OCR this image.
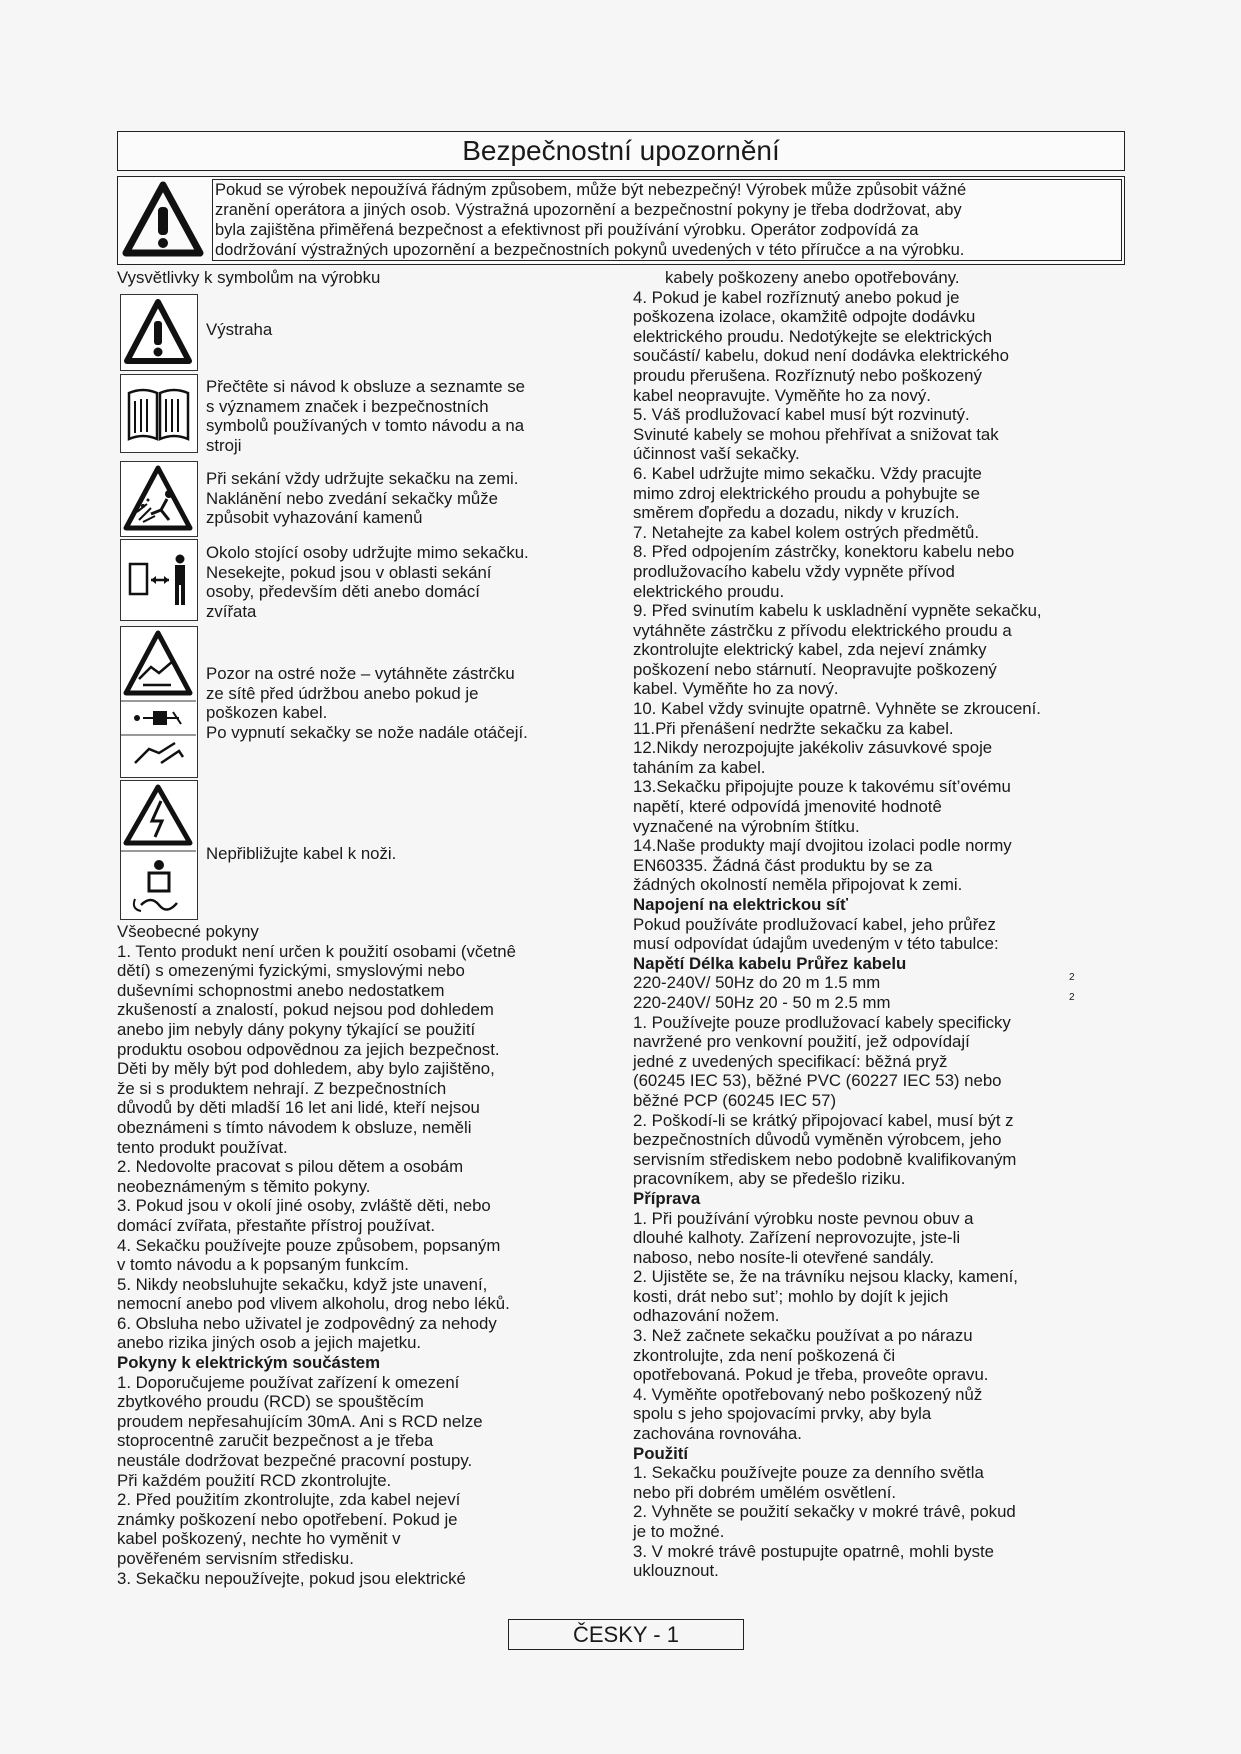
Bezpečnostní upozornění
Pokud se výrobek nepoužívá řádným způsobem, může být nebezpečný! Výrobek může způsobit vážné
zranění operátora a jiných osob. Výstražná upozornění a bezpečnostní pokyny je třeba dodržovat, aby
byla zajištěna přiměřená bezpečnost a efektivnost při používání výrobku. Operátor zodpovídá za
dodržování výstražných upozornění a bezpečnostních pokynů uvedených v této příručce a na výrobku.
Vysvětlivky k symbolům na výrobku
Výstraha
Přečtête si návod k obsluze a seznamte se
s významem značek i bezpečnostních
symbolů používaných v tomto návodu a na
stroji
Při sekání vždy udržujte sekačku na zemi.
Naklánění nebo zvedání sekačky může
způsobit vyhazování kamenů
Okolo stojící osoby udržujte mimo sekačku.
Nesekejte, pokud jsou v oblasti sekání
osoby, především děti anebo domácí
zvířata
Pozor na ostré nože – vytáhněte zástrčku
ze sítê před údržbou anebo pokud je
poškozen kabel.
Po vypnutí sekačky se nože nadále otáčejí.
Nepřibližujte kabel k noži.
Všeobecné pokyny
1. Tento produkt není určen k použití osobami (včetnê
dětí) s omezenými fyzickými, smyslovými nebo
duševními schopnostmi anebo nedostatkem
zkušeností a znalostí, pokud nejsou pod dohledem
anebo jim nebyly dány pokyny týkající se použití
produktu osobou odpovědnou za jejich bezpečnost.
Děti by měly být pod dohledem, aby bylo zajištěno,
že si s produktem nehrají. Z bezpečnostních
důvodů by děti mladší 16 let ani lidé, kteří nejsou
obeznámeni s tímto návodem k obsluze, neměli
tento produkt používat.
2. Nedovolte pracovat s pilou dětem a osobám
neobeznámeným s těmito pokyny.
3. Pokud jsou v okolí jiné osoby, zvláště děti, nebo
domácí zvířata, přestaňte přístroj používat.
4. Sekačku používejte pouze způsobem, popsaným
v tomto návodu a k popsaným funkcím.
5. Nikdy neobsluhujte sekačku, když jste unavení,
nemocní anebo pod vlivem alkoholu, drog nebo léků.
6. Obsluha nebo uživatel je zodpovêdný za nehody
anebo rizika jiných osob a jejich majetku.
Pokyny k elektrickým součástem
1. Doporučujeme používat zařízení k omezení
zbytkového proudu (RCD) se spouštěcím
proudem nepřesahujícím 30mA. Ani s RCD nelze
stoprocentnê zaručit bezpečnost a je třeba
neustále dodržovat bezpečné pracovní postupy.
Při každém použití RCD zkontrolujte.
2. Před použitím zkontrolujte, zda kabel nejeví
známky poškození nebo opotřebení. Pokud je
kabel poškozený, nechte ho vyměnit v
pověřeném servisním středisku.
3. Sekačku nepoužívejte, pokud jsou elektrické
kabely poškozeny anebo opotřebovány.
4. Pokud je kabel rozříznutý anebo pokud je
poškozena izolace, okamžitê odpojte dodávku
elektrického proudu. Nedotýkejte se elektrických
součástí/ kabelu, dokud není dodávka elektrického
proudu přerušena. Rozříznutý nebo poškozený
kabel neopravujte. Vyměňte ho za nový.
5. Váš prodlužovací kabel musí být rozvinutý.
Svinuté kabely se mohou přehřívat a snižovat tak
účinnost vaší sekačky.
6. Kabel udržujte mimo sekačku. Vždy pracujte
mimo zdroj elektrického proudu a pohybujte se
směrem ďopředu a dozadu, nikdy v kruzích.
7. Netahejte za kabel kolem ostrých předmětů.
8. Před odpojením zástrčky, konektoru kabelu nebo
prodlužovacího kabelu vždy vypněte přívod
elektrického proudu.
9. Před svinutím kabelu k uskladnění vypněte sekačku,
vytáhněte zástrčku z přívodu elektrického proudu a
zkontrolujte elektrický kabel, zda nejeví známky
poškození nebo stárnutí. Neopravujte poškozený
kabel. Vyměňte ho za nový.
10. Kabel vždy svinujte opatrnê. Vyhněte se zkroucení.
11.Při přenášení nedržte sekačku za kabel.
12.Nikdy nerozpojujte jakékoliv zásuvkové spoje
taháním za kabel.
13.Sekačku připojujte pouze k takovému sít’ovému
napětí, které odpovídá jmenovité hodnotê
vyznačené na výrobním štítku.
14.Naše produkty mají dvojitou izolaci podle normy
EN60335. Žádná část produktu by se za
žádných okolností neměla připojovat k zemi.
Napojení na elektrickou síť
Pokud používáte prodlužovací kabel, jeho průřez
musí odpovídat údajům uvedeným v této tabulce:
Napětí Délka kabelu Průřez kabelu
220-240V/ 50Hz do 20 m 1.5 mm	2
220-240V/ 50Hz 20 - 50 m 2.5 mm	2
1. Používejte pouze prodlužovací kabely specificky
navržené pro venkovní použití, jež odpovídají
jedné z uvedených specifikací: běžná pryž
(60245 IEC 53), běžné PVC (60227 IEC 53) nebo
běžné PCP (60245 IEC 57)
2. Poškodí-li se krátký připojovací kabel, musí být z
bezpečnostních důvodů vyměněn výrobcem, jeho
servisním střediskem nebo podobně kvalifikovaným
pracovníkem, aby se předešlo riziku.
Příprava
1. Při používání výrobku noste pevnou obuv a
dlouhé kalhoty. Zařízení neprovozujte, jste-li
naboso, nebo nosíte-li otevřené sandály.
2. Ujistěte se, že na trávníku nejsou klacky, kamení,
kosti, drát nebo sut’; mohlo by dojít k jejich
odhazování nožem.
3. Než začnete sekačku používat a po nárazu
zkontrolujte, zda není poškozená či
opotřebovaná. Pokud je třeba, proveôte opravu.
4. Vyměňte opotřebovaný nebo poškozený nůž
spolu s jeho spojovacími prvky, aby byla
zachována rovnováha.
Použití
1. Sekačku používejte pouze za denního světla
nebo při dobrém umělém osvětlení.
2. Vyhněte se použití sekačky v mokré trávê, pokud
je to možné.
3. V mokré trávê postupujte opatrnê, mohli byste
uklouznout.
ČESKY - 1
